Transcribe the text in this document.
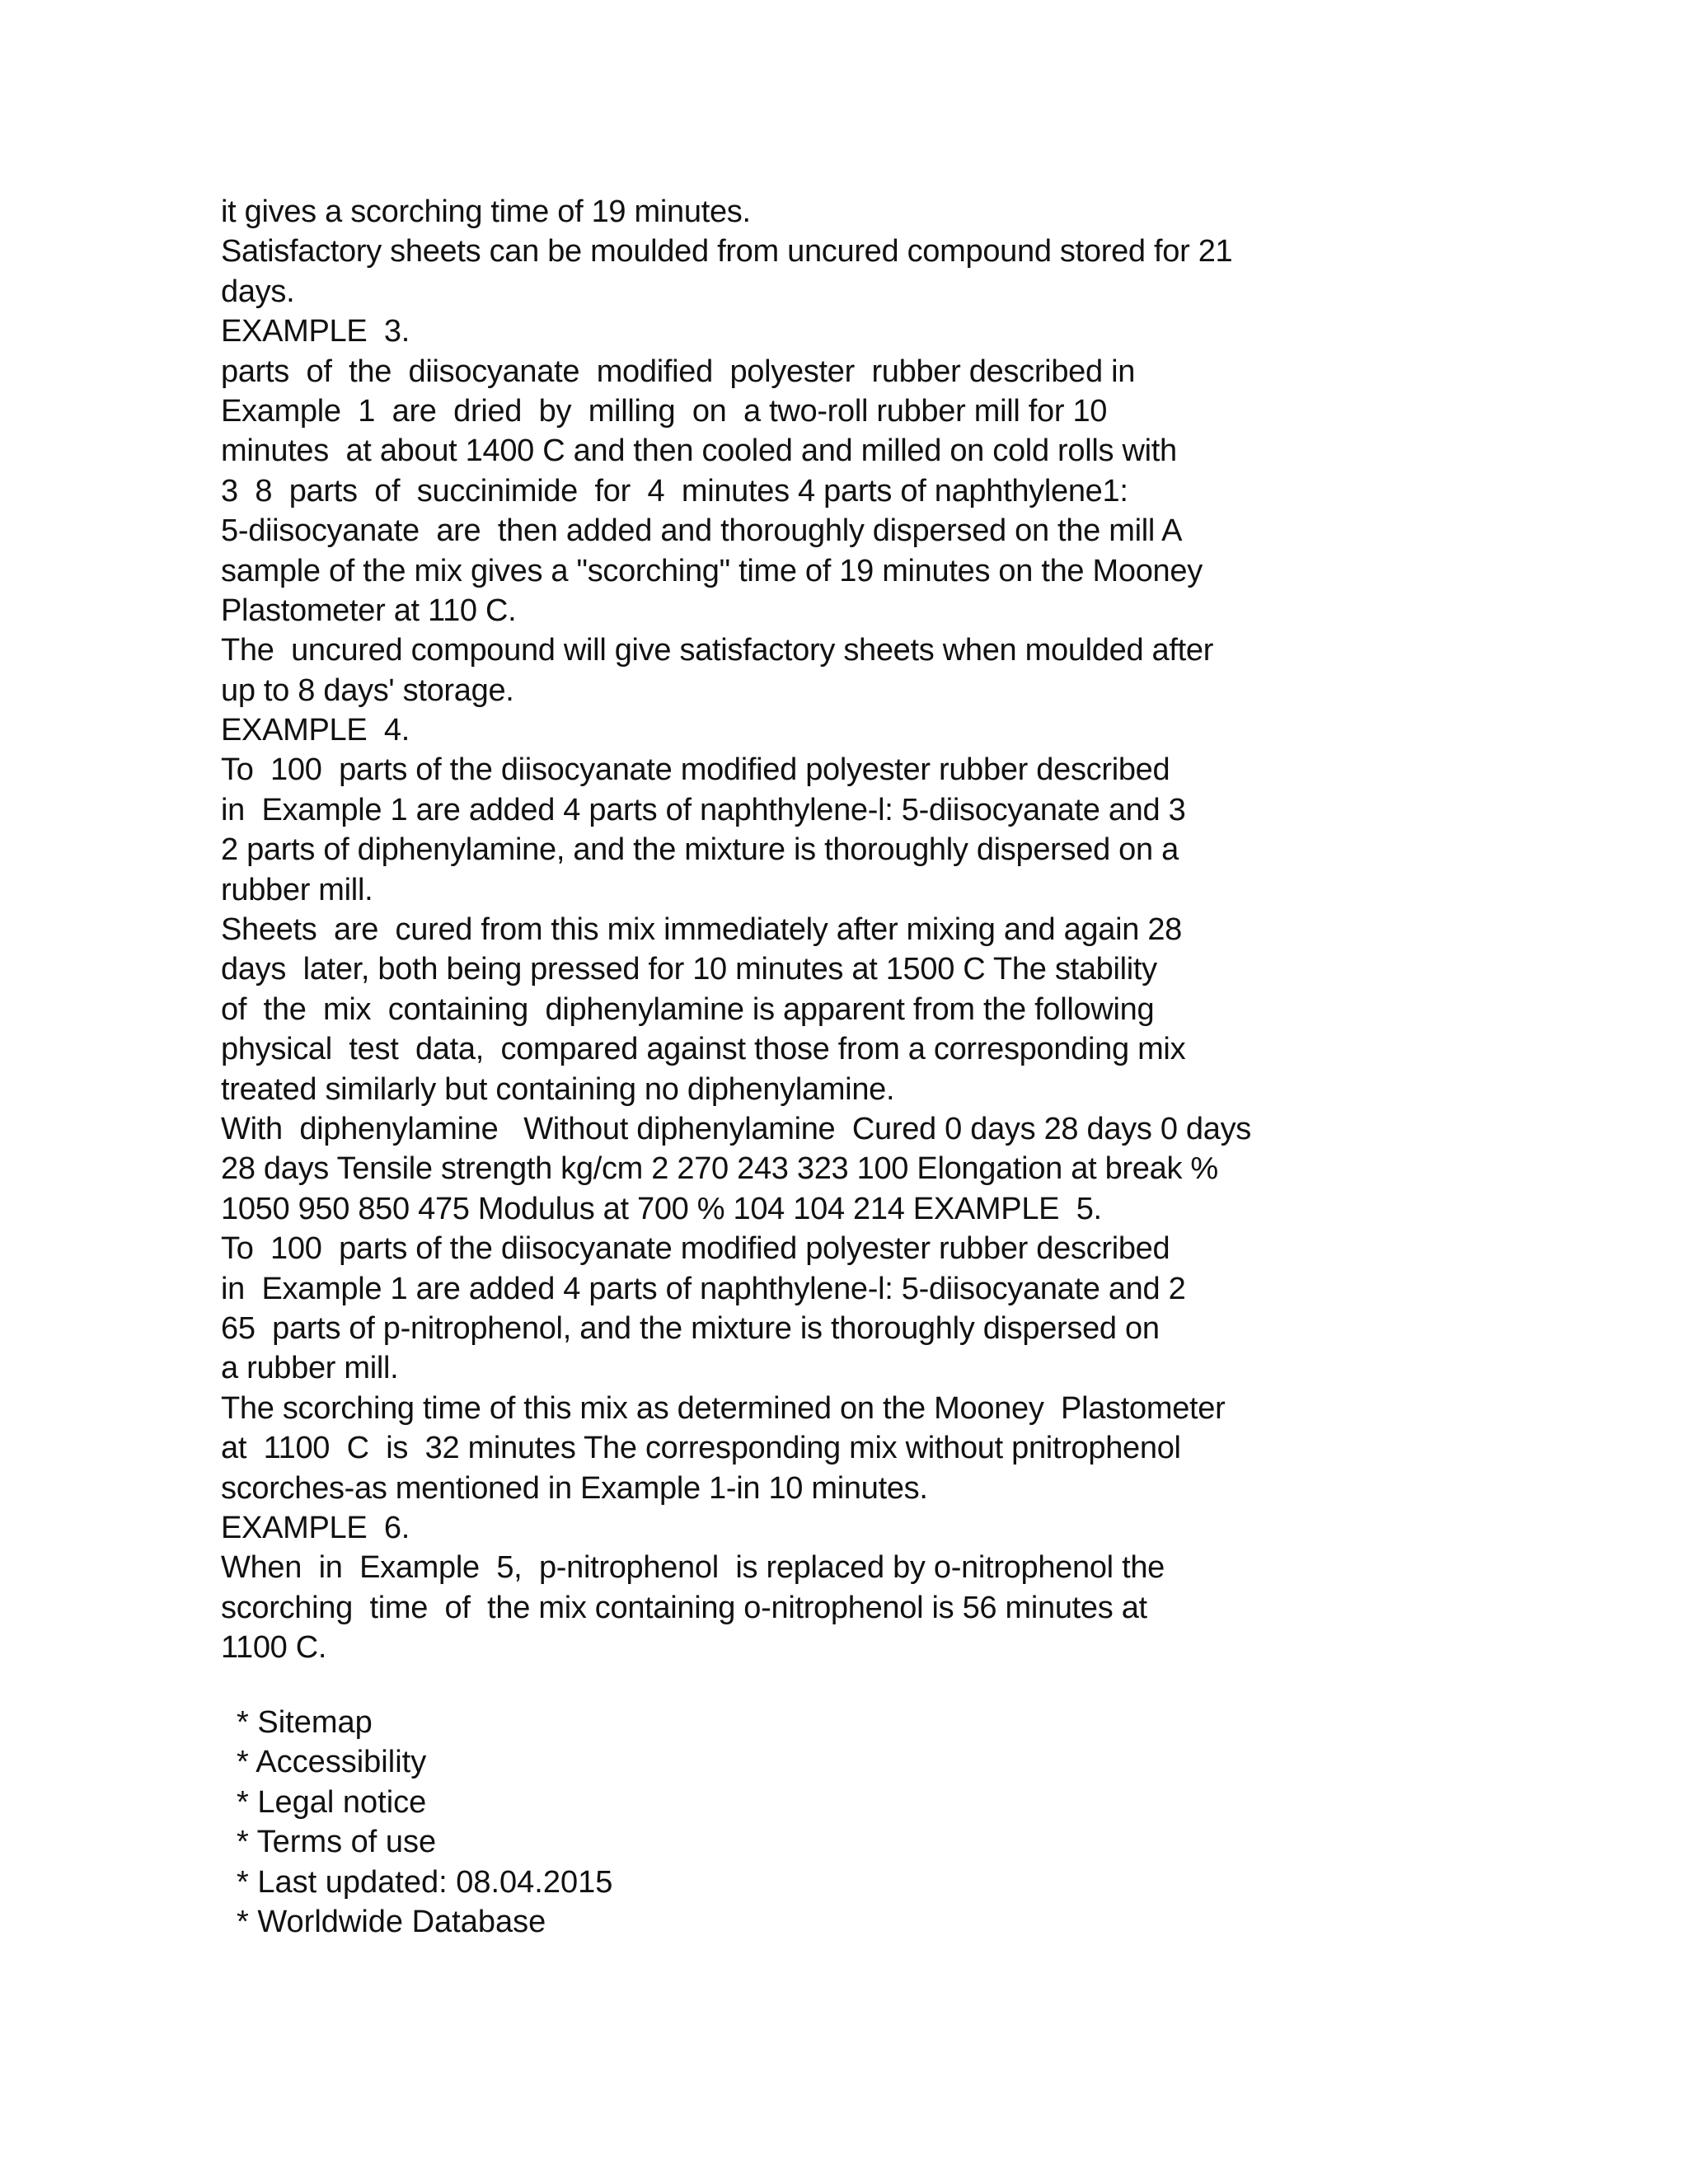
it gives a scorching time of 19 minutes.
Satisfactory sheets can be moulded from uncured compound stored for 21
days.
EXAMPLE  3.
parts  of  the  diisocyanate  modified  polyester  rubber described in
Example  1  are  dried  by  milling  on  a two-roll rubber mill for 10
minutes  at about 1400 C and then cooled and milled on cold rolls with
3  8  parts  of  succinimide  for  4  minutes 4 parts of naphthylene1:
5-diisocyanate  are  then added and thoroughly dispersed on the mill A
sample of the mix gives a "scorching" time of 19 minutes on the Mooney
Plastometer at 110 C.
The  uncured compound will give satisfactory sheets when moulded after
up to 8 days' storage.
EXAMPLE  4.
To  100  parts of the diisocyanate modified polyester rubber described
in  Example 1 are added 4 parts of naphthylene-l: 5-diisocyanate and 3
2 parts of diphenylamine, and the mixture is thoroughly dispersed on a
rubber mill.
Sheets  are  cured from this mix immediately after mixing and again 28
days  later, both being pressed for 10 minutes at 1500 C The stability
of  the  mix  containing  diphenylamine is apparent from the following
physical  test  data,  compared against those from a corresponding mix
treated similarly but containing no diphenylamine.
With  diphenylamine   Without diphenylamine  Cured 0 days 28 days 0 days
28 days Tensile strength kg/cm 2 270 243 323 100 Elongation at break %
1050 950 850 475 Modulus at 700 % 104 104 214 EXAMPLE  5.
To  100  parts of the diisocyanate modified polyester rubber described
in  Example 1 are added 4 parts of naphthylene-l: 5-diisocyanate and 2
65  parts of p-nitrophenol, and the mixture is thoroughly dispersed on
a rubber mill.
The scorching time of this mix as determined on the Mooney  Plastometer
at  1100  C  is  32 minutes The corresponding mix without pnitrophenol
scorches-as mentioned in Example 1-in 10 minutes.
EXAMPLE  6.
When  in  Example  5,  p-nitrophenol  is replaced by o-nitrophenol the
scorching  time  of  the mix containing o-nitrophenol is 56 minutes at
1100 C.
* Sitemap
* Accessibility
* Legal notice
* Terms of use
* Last updated: 08.04.2015
* Worldwide Database
